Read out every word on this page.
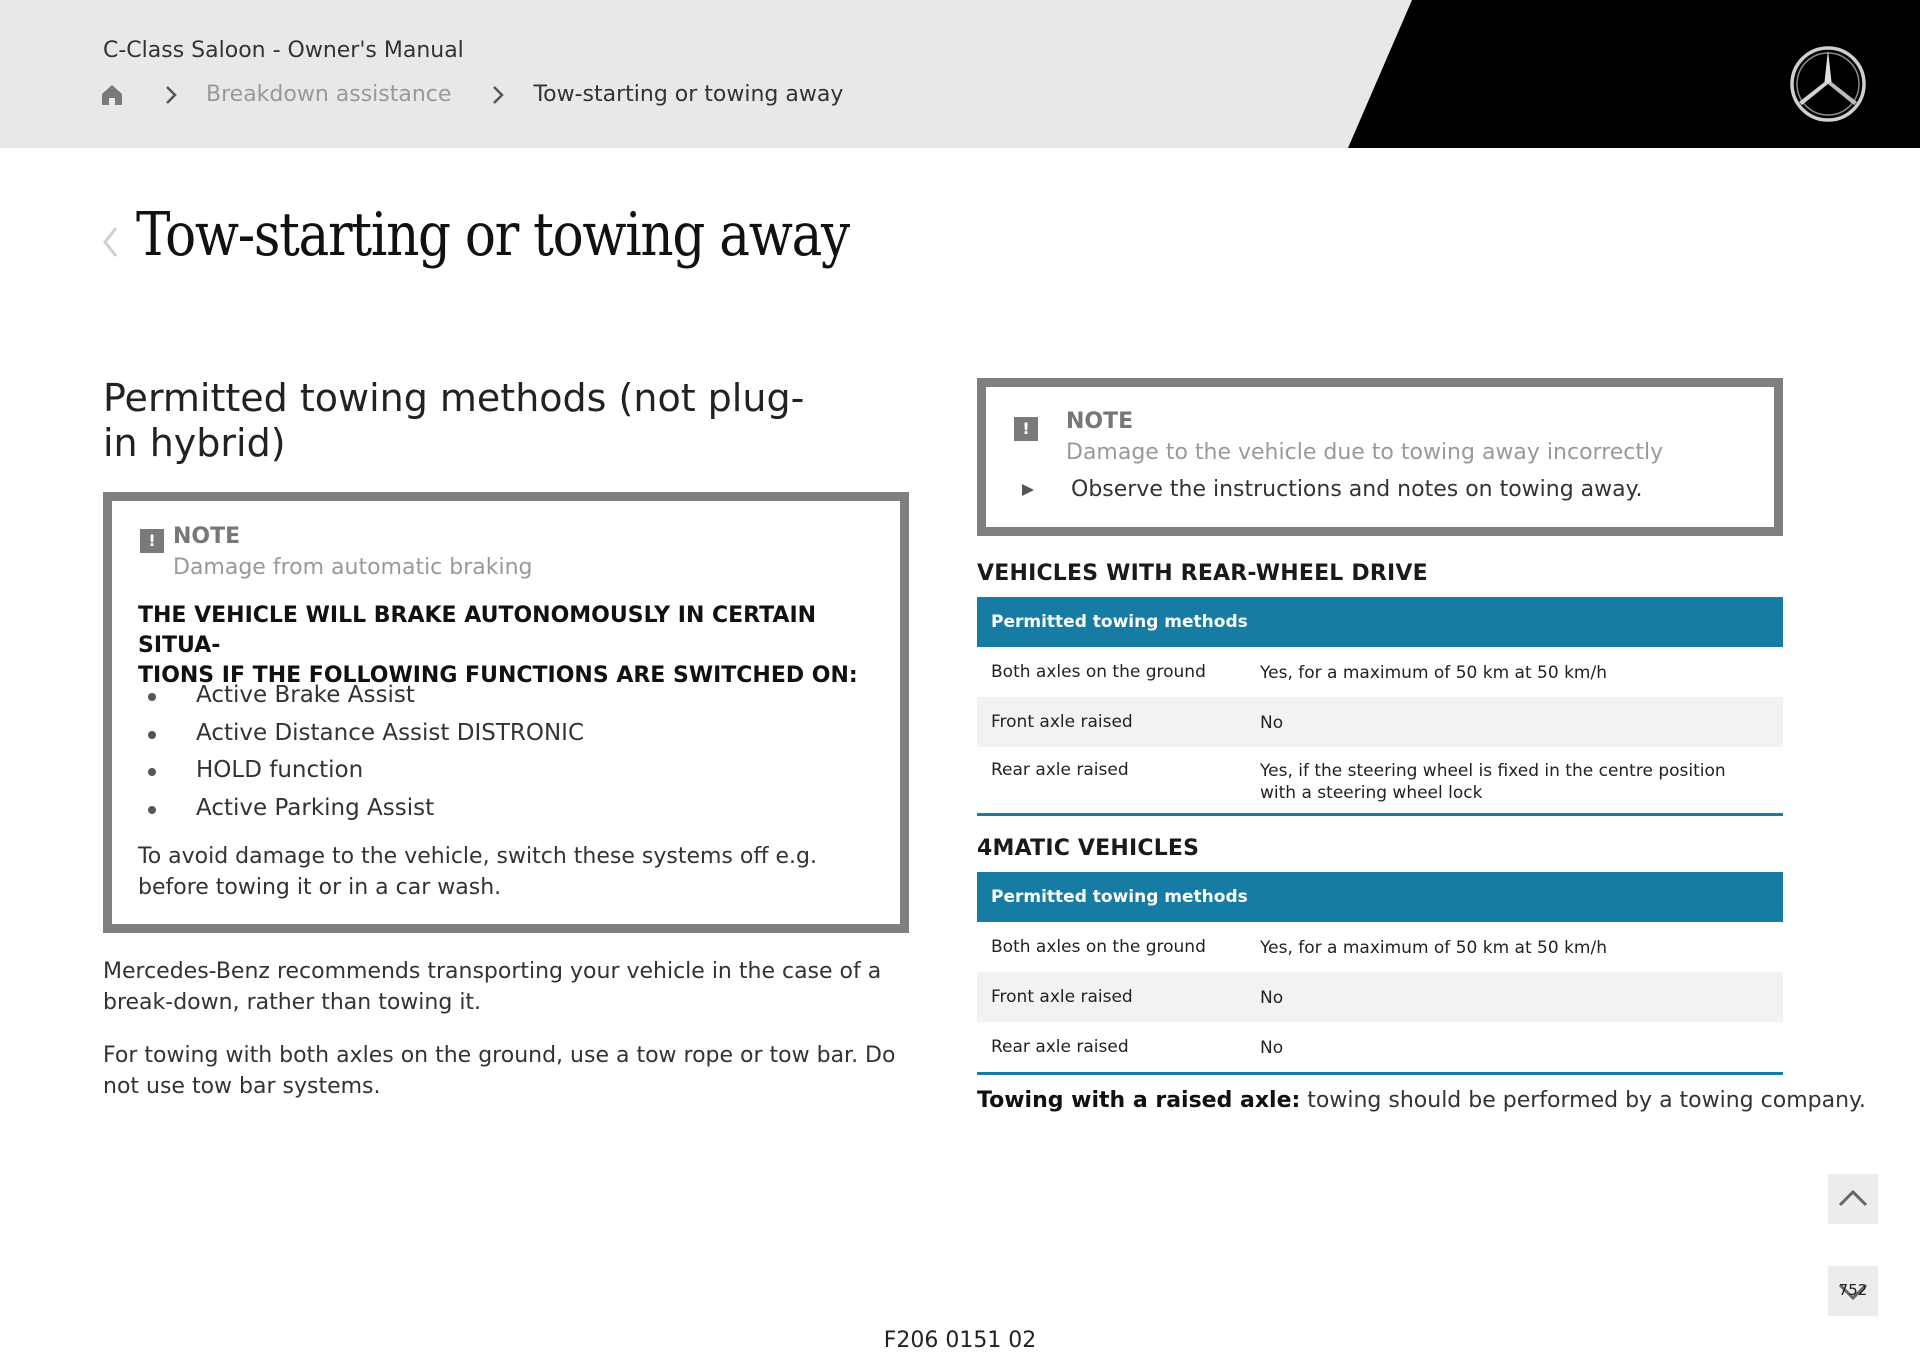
C-Class Saloon - Owner's Manual
Breakdown assistance	Tow-starting or towing away
Tow-starting or towing away
Permitted towing methods (not plug-in hybrid)
! NOTE
Damage from automatic braking
THE VEHICLE WILL BRAKE AUTONOMOUSLY IN CERTAIN SITUA-
TIONS IF THE FOLLOWING FUNCTIONS ARE SWITCHED ON:
Active Brake Assist
Active Distance Assist DISTRONIC
HOLD function
Active Parking Assist
To avoid damage to the vehicle, switch these systems off e.g. before towing it or in a car wash.

Mercedes-Benz recommends transporting your vehicle in the case of a break-down, rather than towing it.

For towing with both axles on the ground, use a tow rope or tow bar. Do not use tow bar systems.

!	NOTE
Damage to the vehicle due to towing away incorrectly
Observe the instructions and notes on towing away.
VEHICLES WITH REAR-WHEEL DRIVE
Permitted towing methods
Both axles on the ground	Yes, for a maximum of 50 km at 50 km/h
Front axle raised	No
Rear axle raised	Yes, if the steering wheel is fixed in the centre position with a steering wheel lock
4MATIC VEHICLES
Permitted towing methods
Both axles on the ground	Yes, for a maximum of 50 km at 50 km/h
Front axle raised	No
Rear axle raised	No
Towing with a raised axle: towing should be performed by a towing company.
752
F206 0151 02
